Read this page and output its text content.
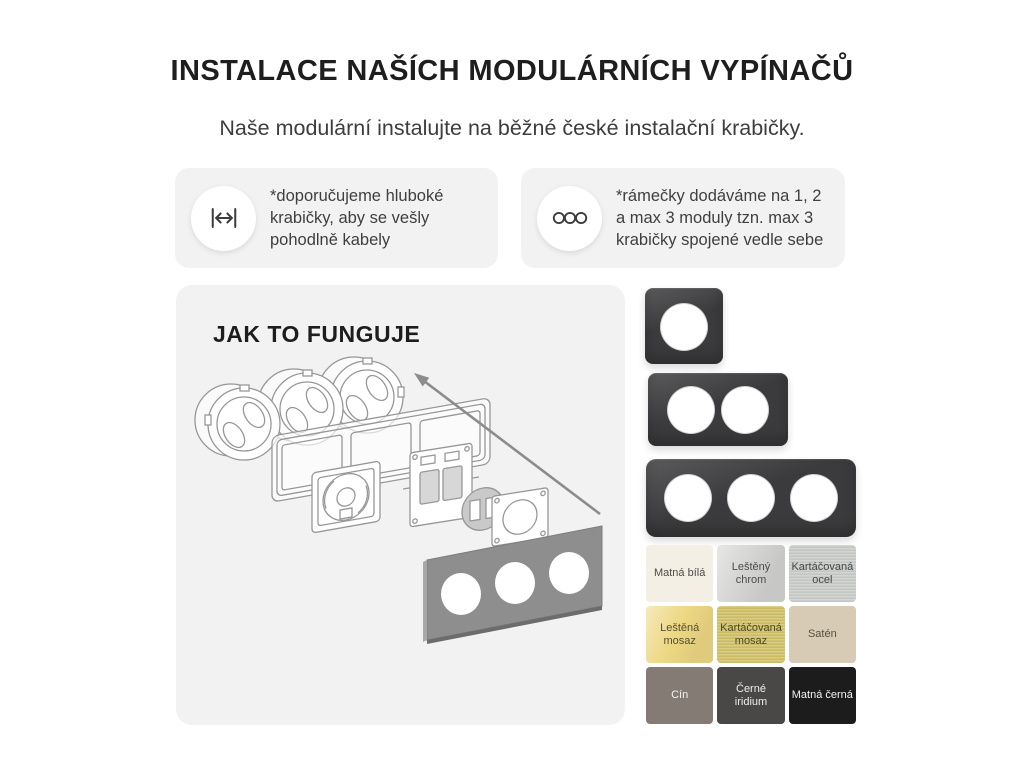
INSTALACE NAŠÍCH MODULÁRNÍCH VYPÍNAČŮ
Naše modulární instalujte na běžné české instalační krabičky.
*doporučujeme hluboké krabičky, aby se vešly pohodlně kabely
*rámečky dodáváme na 1, 2 a max 3 moduly tzn. max 3 krabičky spojené vedle sebe
JAK TO FUNGUJE
Matná bílá
Leštěný chrom
Kartáčovaná ocel
Leštěná mosaz
Kartáčovaná mosaz
Satén
Cín
Černé iridium
Matná černá
